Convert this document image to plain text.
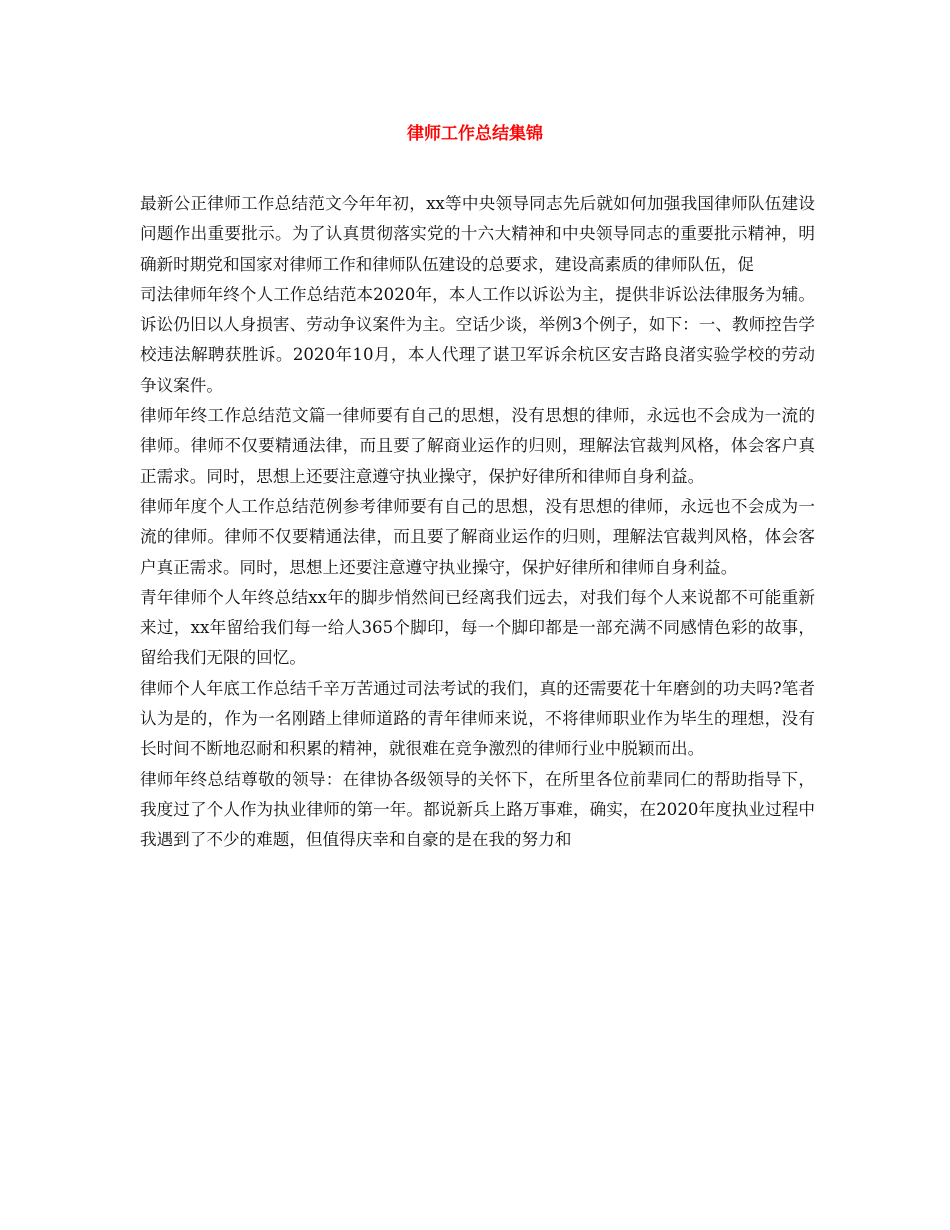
律师工作总结集锦

最新公正律师工作总结范文今年年初，xx等中央领导同志先后就如何加强我国律师队伍建设问题作出重要批示。为了认真贯彻落实党的十六大精神和中央领导同志的重要批示精神，明确新时期党和国家对律师工作和律师队伍建设的总要求，建设高素质的律师队伍，促

司法律师年终个人工作总结范本2020年，本人工作以诉讼为主，提供非诉讼法律服务为辅。诉讼仍旧以人身损害、劳动争议案件为主。空话少谈，举例3个例子，如下：一、教师控告学校违法解聘获胜诉。2020年10月，本人代理了谌卫军诉余杭区安吉路良渚实验学校的劳动争议案件。

律师年终工作总结范文篇一律师要有自己的思想，没有思想的律师，永远也不会成为一流的律师。律师不仅要精通法律，而且要了解商业运作的归则，理解法官裁判风格，体会客户真正需求。同时，思想上还要注意遵守执业操守，保护好律所和律师自身利益。

律师年度个人工作总结范例参考律师要有自己的思想，没有思想的律师，永远也不会成为一流的律师。律师不仅要精通法律，而且要了解商业运作的归则，理解法官裁判风格，体会客户真正需求。同时，思想上还要注意遵守执业操守，保护好律所和律师自身利益。

青年律师个人年终总结xx年的脚步悄然间已经离我们远去，对我们每个人来说都不可能重新来过，xx年留给我们每一给人365个脚印，每一个脚印都是一部充满不同感情色彩的故事，留给我们无限的回忆。

律师个人年底工作总结千辛万苦通过司法考试的我们，真的还需要花十年磨剑的功夫吗?笔者认为是的，作为一名刚踏上律师道路的青年律师来说，不将律师职业作为毕生的理想，没有长时间不断地忍耐和积累的精神，就很难在竞争激烈的律师行业中脱颖而出。

律师年终总结尊敬的领导：在律协各级领导的关怀下，在所里各位前辈同仁的帮助指导下，我度过了个人作为执业律师的第一年。都说新兵上路万事难，确实，在2020年度执业过程中我遇到了不少的难题，但值得庆幸和自豪的是在我的努力和
